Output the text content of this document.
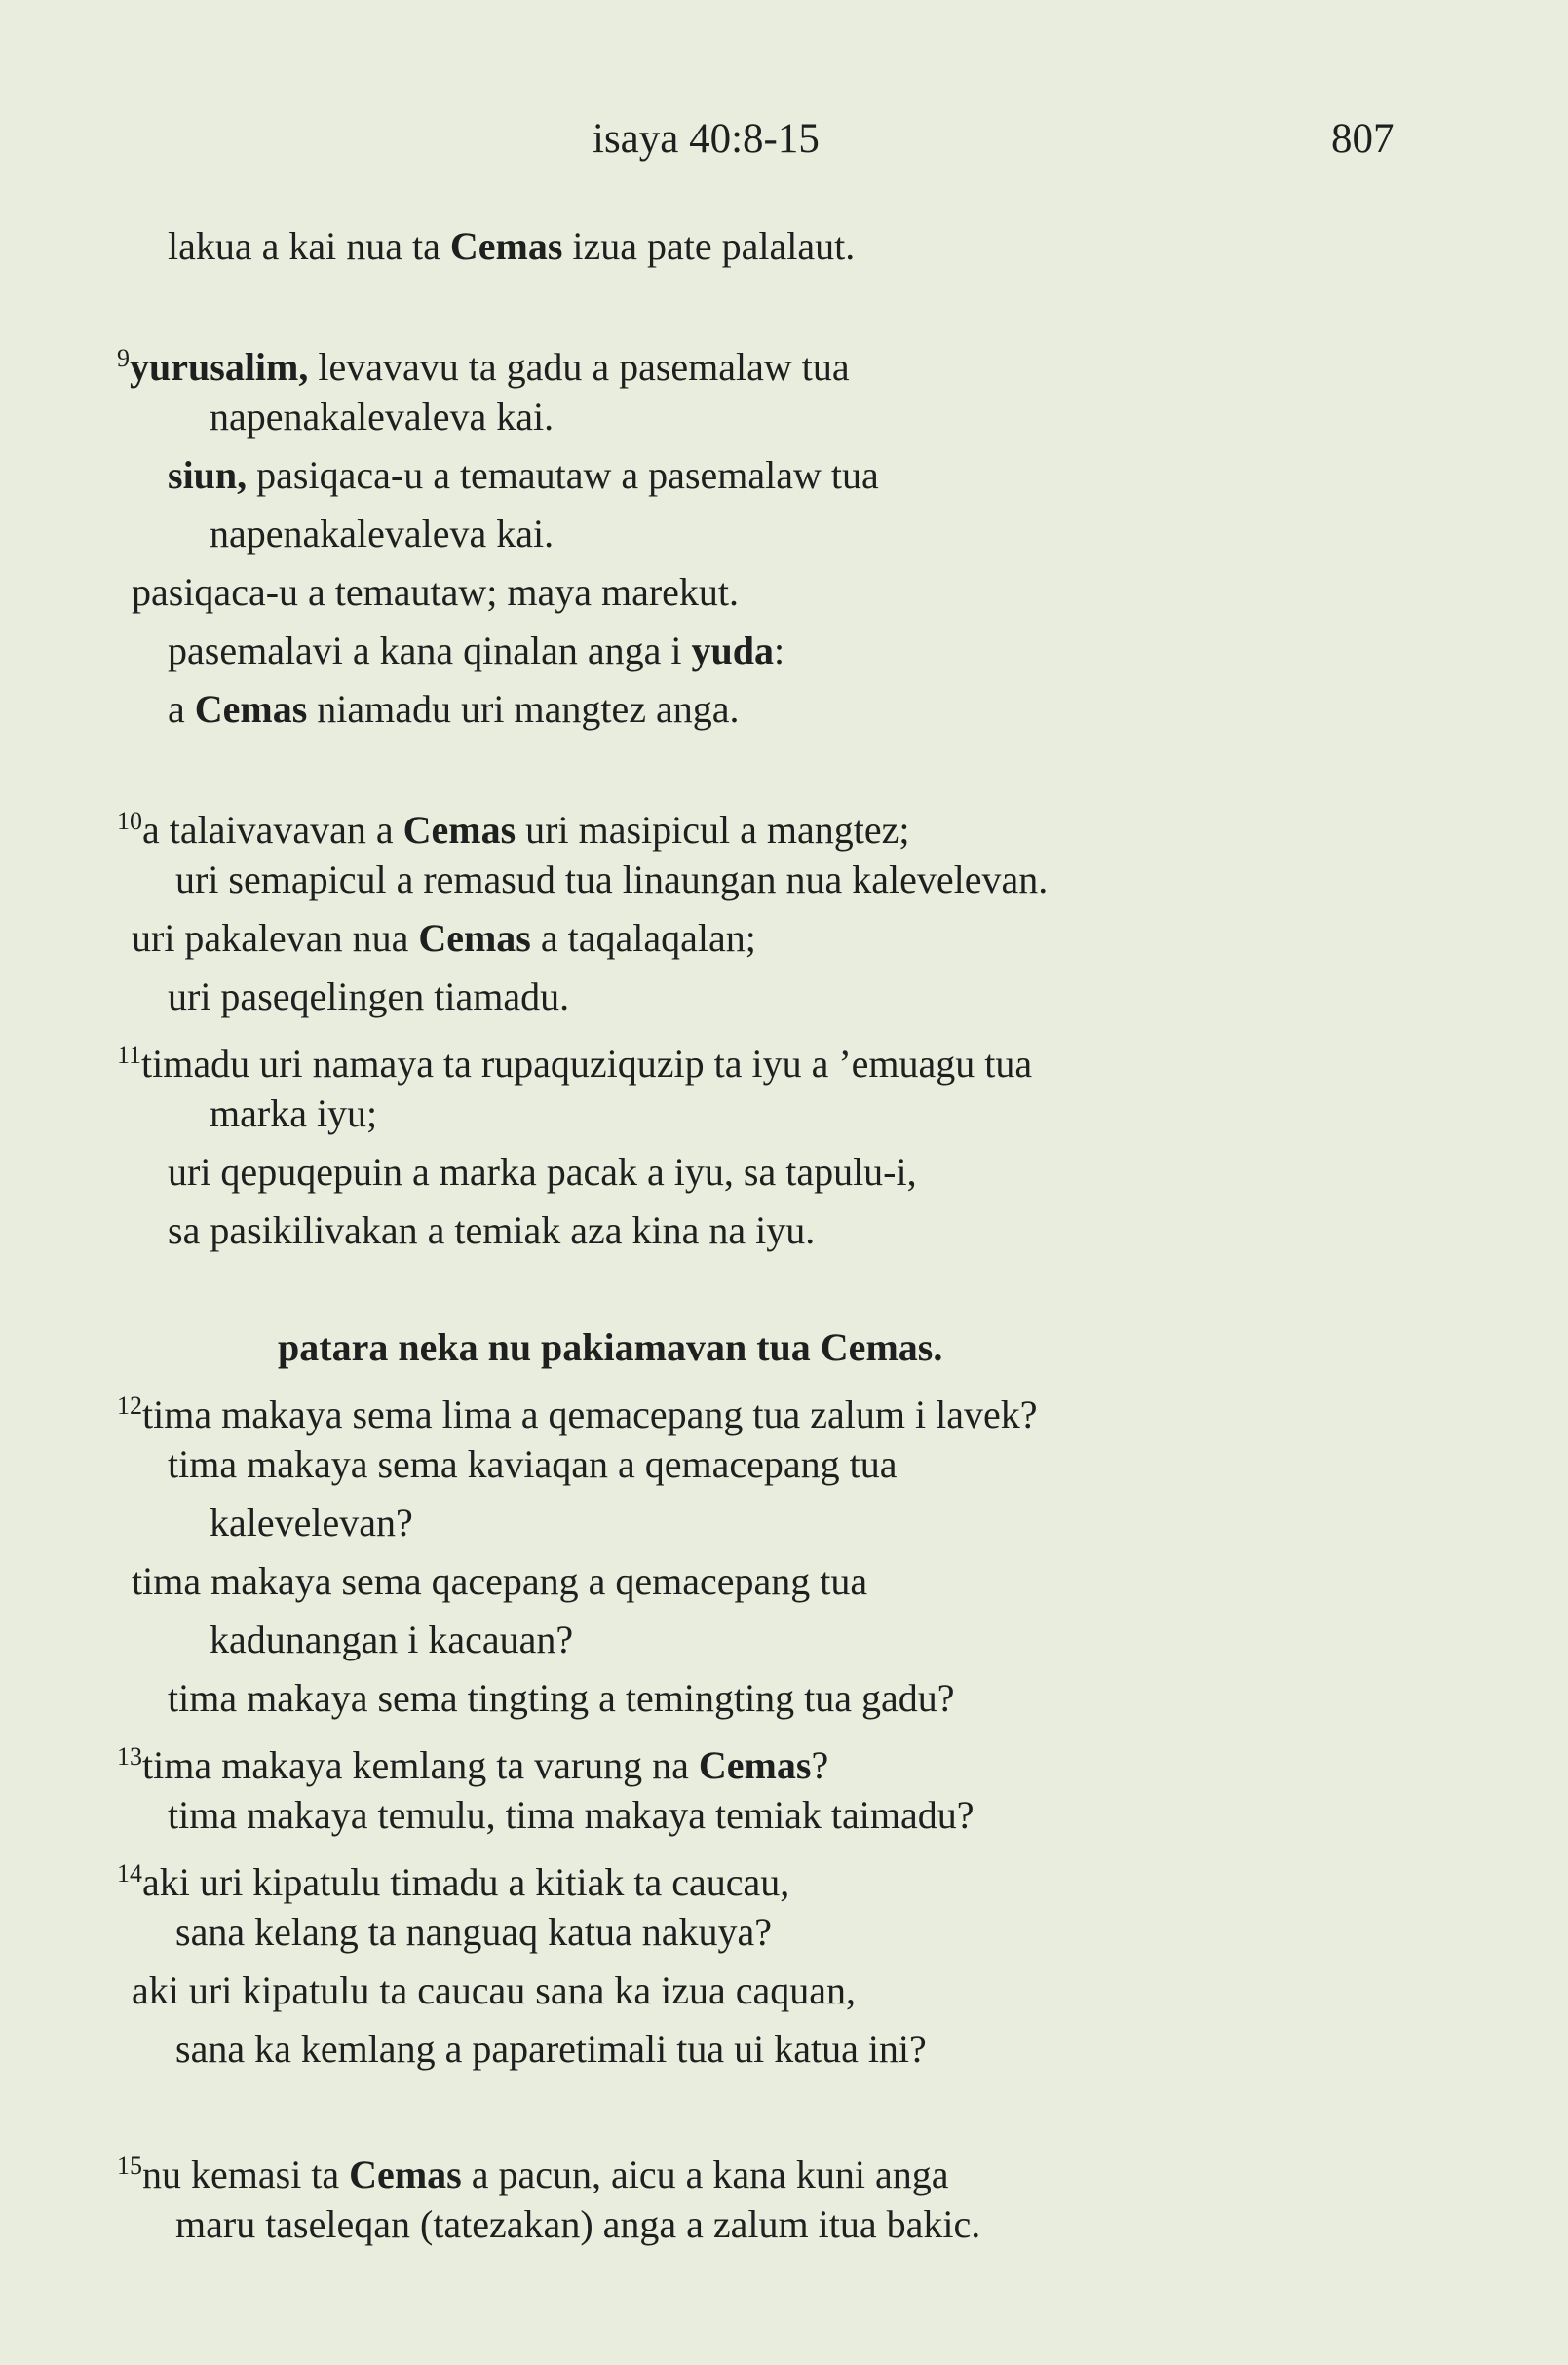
isaya 40:8-15	807
lakua a kai nua ta Cemas izua pate palalaut.
$^9$yurusalim, levavavu ta gadu a pasemalaw tua
napenakalevaleva kai.
siun, pasiqaca-u a temautaw a pasemalaw tua
napenakalevaleva kai.
pasiqaca-u a temautaw; maya marekut.
pasemalavi a kana qinalan anga i yuda:
a Cemas niamadu uri mangtez anga.
$^{10}$a talaivavavan a Cemas uri masipicul a mangtez;
uri semapicul a remasud tua linaungan nua kalevelevan.
uri pakalevan nua Cemas a taqalaqalan;
uri paseqelingen tiamadu.
$^{11}$timadu uri namaya ta rupaquziquzip ta iyu a ’emuagu tua
marka iyu;
uri qepuqepuin a marka pacak a iyu, sa tapulu-i,
sa pasikilivakan a temiak aza kina na iyu.
patara neka nu pakiamavan tua Cemas.
$^{12}$tima makaya sema lima a qemacepang tua zalum i lavek?
tima makaya sema kaviaqan a qemacepang tua
kalevelevan?
tima makaya sema qacepang a qemacepang tua
kadunangan i kacauan?
tima makaya sema tingting a temingting tua gadu?
$^{13}$tima makaya kemlang ta varung na Cemas?
tima makaya temulu, tima makaya temiak taimadu?
$^{14}$aki uri kipatulu timadu a kitiak ta caucau,
sana kelang ta nanguaq katua nakuya?
aki uri kipatulu ta caucau sana ka izua caquan,
sana ka kemlang a paparetimali tua ui katua ini?
$^{15}$nu kemasi ta Cemas a pacun, aicu a kana kuni anga
maru taseleqan (tatezakan) anga a zalum itua bakic.
